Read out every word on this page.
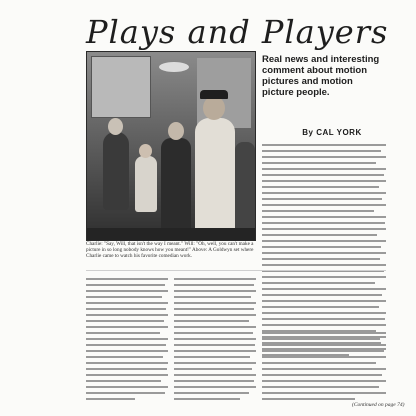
Plays and Players
Real news and interesting comment about motion pictures and motion picture people.
By CAL YORK
Charlie: "Say, Will, that isn't the way I meant." Will: "Oh, well, you can't make a picture in so long nobody knows how you meant!" Above: A Goldwyn set where Charlie came to watch his favorite comedian work.

(Continued on page 74)
